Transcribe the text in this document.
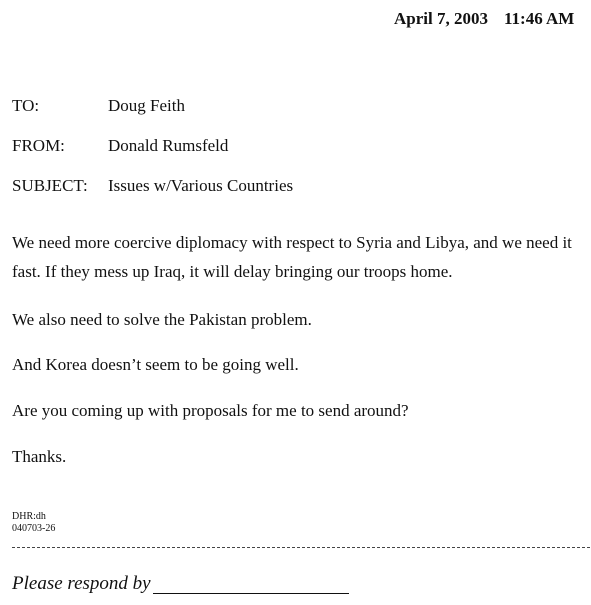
April 7, 2003 11:46 AM
TO:	Doug Feith
FROM:	Donald Rumsfeld
SUBJECT: Issues w/Various Countries
We need more coercive diplomacy with respect to Syria and Libya, and we need it fast. If they mess up Iraq, it will delay bringing our troops home.
We also need to solve the Pakistan problem.
And Korea doesn’t seem to be going well.
Are you coming up with proposals for me to send around?
Thanks.
DHR:dh
040703-26
Please respond by
